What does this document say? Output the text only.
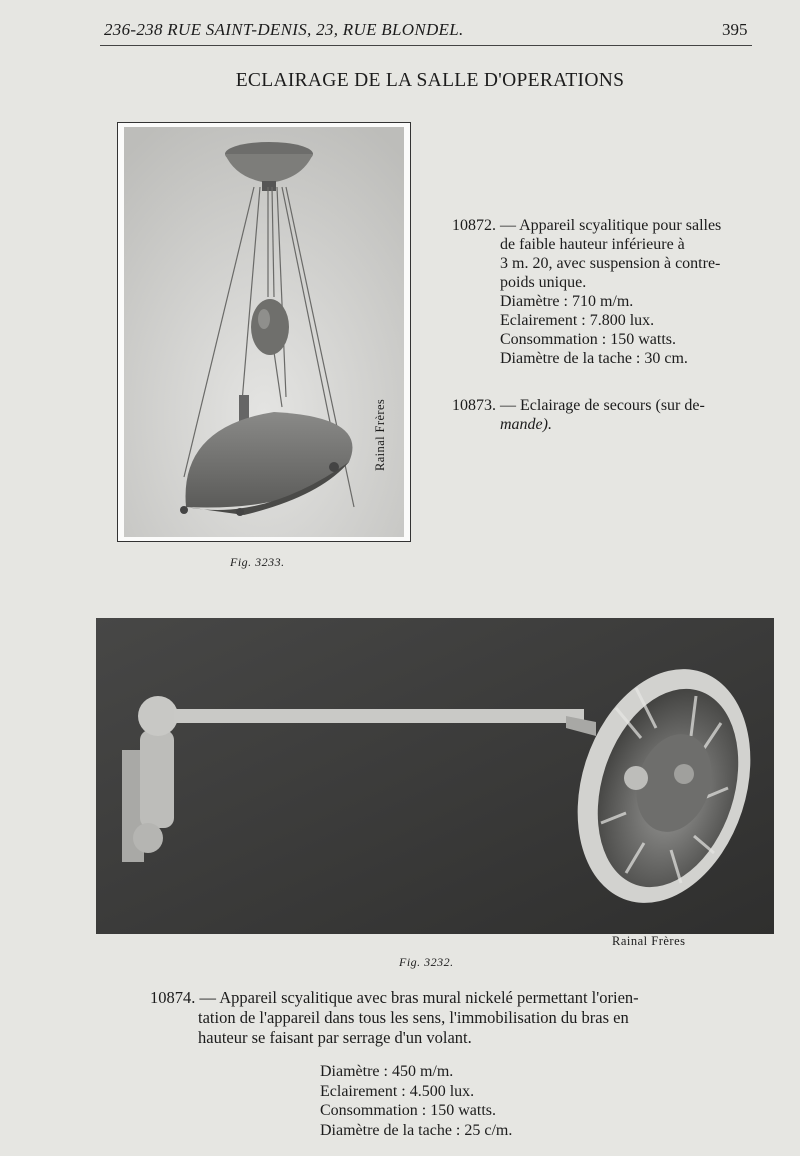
236-238 RUE SAINT-DENIS, 23, RUE BLONDEL.	395
ECLAIRAGE DE LA SALLE D'OPERATIONS
Rainal Frères
Fig. 3233.
10872. — Appareil scyalitique pour salles
de faible hauteur inférieure à
3 m. 20, avec suspension à contre-
poids unique.
Diamètre : 710 m/m.
Eclairement : 7.800 lux.
Consommation : 150 watts.
Diamètre de la tache : 30 cm.
10873. — Eclairage de secours (sur de-
mande).
Rainal Frères
Fig. 3232.
10874. — Appareil scyalitique avec bras mural nickelé permettant l'orien-
tation de l'appareil dans tous les sens, l'immobilisation du bras en
hauteur se faisant par serrage d'un volant.
Diamètre : 450 m/m.
Eclairement : 4.500 lux.
Consommation : 150 watts.
Diamètre de la tache : 25 c/m.
